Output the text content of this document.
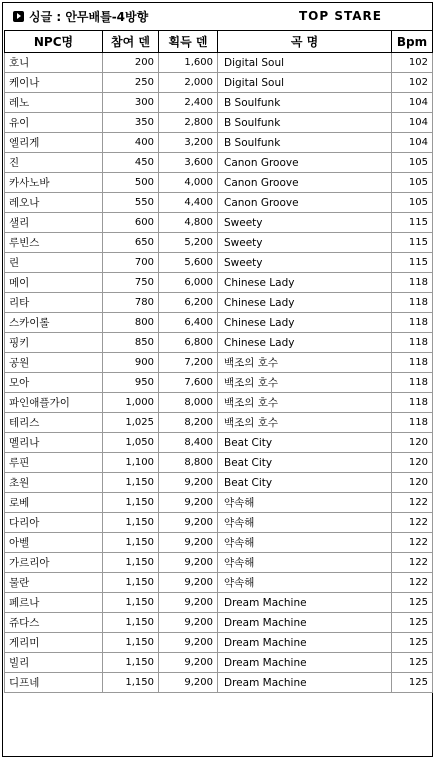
싱글 : 안무배틀-4방향	TOP STARE
NPC명	참여 덴	획득 덴	곡 명	Bpm
호니	200	1,600	Digital Soul	102
케이나	250	2,000	Digital Soul	102
레노	300	2,400	B Soulfunk	104
유이	350	2,800	B Soulfunk	104
엘리게	400	3,200	B Soulfunk	104
진	450	3,600	Canon Groove	105
카사노바	500	4,000	Canon Groove	105
레오나	550	4,400	Canon Groove	105
샐리	600	4,800	Sweety	115
루빈스	650	5,200	Sweety	115
린	700	5,600	Sweety	115
메이	750	6,000	Chinese Lady	118
리타	780	6,200	Chinese Lady	118
스카이롤	800	6,400	Chinese Lady	118
핑키	850	6,800	Chinese Lady	118
공원	900	7,200	백조의 호수	118
모아	950	7,600	백조의 호수	118
파인애플가이	1,000	8,000	백조의 호수	118
테리스	1,025	8,200	백조의 호수	118
멜리나	1,050	8,400	Beat City	120
루핀	1,100	8,800	Beat City	120
초원	1,150	9,200	Beat City	120
로베	1,150	9,200	약속해	122
다리아	1,150	9,200	약속해	122
아벨	1,150	9,200	약속해	122
가르리아	1,150	9,200	약속해	122
물란	1,150	9,200	약속해	122
페르나	1,150	9,200	Dream Machine	125
쥬다스	1,150	9,200	Dream Machine	125
게리미	1,150	9,200	Dream Machine	125
빌리	1,150	9,200	Dream Machine	125
디프네	1,150	9,200	Dream Machine	125
